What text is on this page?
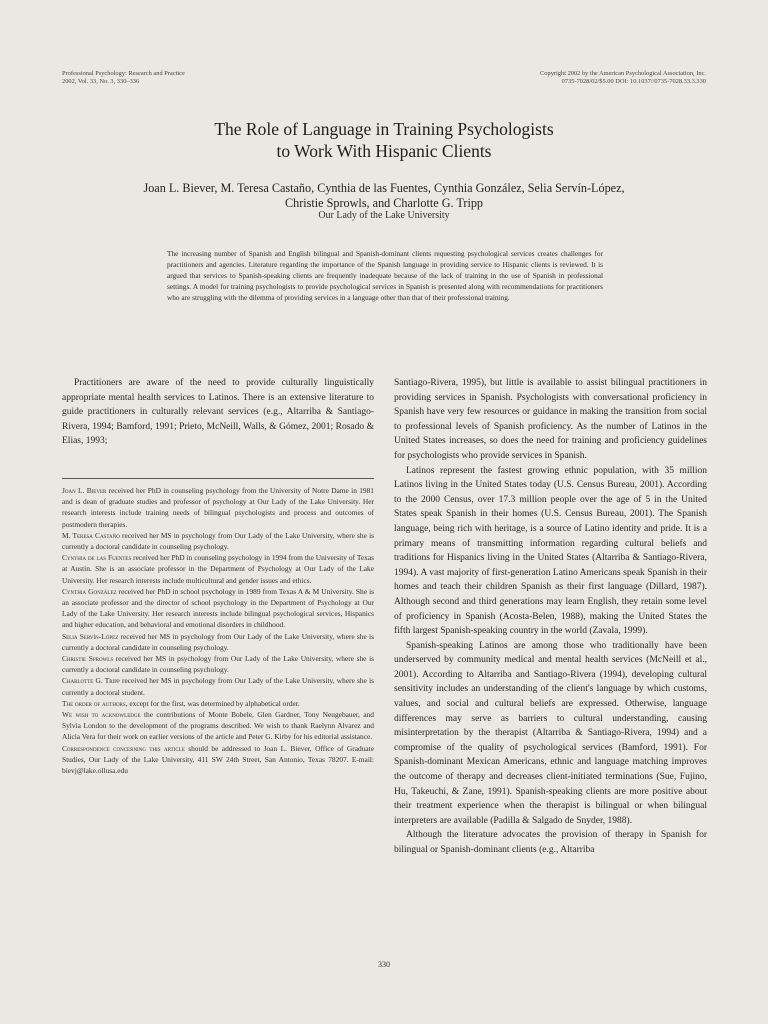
Professional Psychology: Research and Practice
2002, Vol. 33, No. 3, 330–336
Copyright 2002 by the American Psychological Association, Inc.
0735-7028/02/$5.00 DOI: 10.1037//0735-7028.33.3.330
The Role of Language in Training Psychologists
to Work With Hispanic Clients
Joan L. Biever, M. Teresa Castaño, Cynthia de las Fuentes, Cynthia González, Selia Servín-López,
Christie Sprowls, and Charlotte G. Tripp
Our Lady of the Lake University
The increasing number of Spanish and English bilingual and Spanish-dominant clients requesting psychological services creates challenges for practitioners and agencies. Literature regarding the importance of the Spanish language in providing service to Hispanic clients is reviewed. It is argued that services to Spanish-speaking clients are frequently inadequate because of the lack of training in the use of Spanish in professional settings. A model for training psychologists to provide psychological services in Spanish is presented along with recommendations for practitioners who are struggling with the dilemma of providing services in a language other than that of their professional training.

Practitioners are aware of the need to provide culturally linguistically appropriate mental health services to Latinos. There is an extensive literature to guide practitioners in culturally relevant services (e.g., Altarriba & Santiago-Rivera, 1994; Bamford, 1991; Prieto, McNeill, Walls, & Gómez, 2001; Rosado & Elias, 1993;

Joan L. Biever received her PhD in counseling psychology from the University of Notre Dame in 1981 and is dean of graduate studies and professor of psychology at Our Lady of the Lake University. Her research interests include training needs of bilingual psychologists and process and outcomes of postmodern therapies.

M. Teresa Castaño received her MS in psychology from Our Lady of the Lake University, where she is currently a doctoral candidate in counseling psychology.

Cynthia de las Fuentes received her PhD in counseling psychology in 1994 from the University of Texas at Austin. She is an associate professor in the Department of Psychology at Our Lady of the Lake University. Her research interests include multicultural and gender issues and ethics.

Cynthia González received her PhD in school psychology in 1989 from Texas A & M University. She is an associate professor and the director of school psychology in the Department of Psychology at Our Lady of the Lake University. Her research interests include bilingual psychological services, Hispanics and higher education, and behavioral and emotional disorders in childhood.

Selia Servín-López received her MS in psychology from Our Lady of the Lake University, where she is currently a doctoral candidate in counseling psychology.

Christie Sprowls received her MS in psychology from Our Lady of the Lake University, where she is currently a doctoral candidate in counseling psychology.

Charlotte G. Tripp received her MS in psychology from Our Lady of the Lake University, where she is currently a doctoral student.

The order of authors, except for the first, was determined by alphabetical order.

We wish to acknowledge the contributions of Monte Bobele, Glen Gardner, Tony Neugebauer, and Sylvia London to the development of the programs described. We wish to thank Raelynn Alvarez and Alicia Vera for their work on earlier versions of the article and Peter G. Kirby for his editorial assistance.

Correspondence concerning this article should be addressed to Joan L. Biever, Office of Graduate Studies, Our Lady of the Lake University, 411 SW 24th Street, San Antonio, Texas 78207. E-mail: bievj@lake.ollusa.edu

Santiago-Rivera, 1995), but little is available to assist bilingual practitioners in providing services in Spanish. Psychologists with conversational proficiency in Spanish have very few resources or guidance in making the transition from social to professional levels of Spanish proficiency. As the number of Latinos in the United States increases, so does the need for training and proficiency guidelines for psychologists who provide services in Spanish.

Latinos represent the fastest growing ethnic population, with 35 million Latinos living in the United States today (U.S. Census Bureau, 2001). According to the 2000 Census, over 17.3 million people over the age of 5 in the United States speak Spanish in their homes (U.S. Census Bureau, 2001). The Spanish language, being rich with heritage, is a source of Latino identity and pride. It is a primary means of transmitting information regarding cultural beliefs and traditions for Hispanics living in the United States (Altarriba & Santiago-Rivera, 1994). A vast majority of first-generation Latino Americans speak Spanish in their homes and teach their children Spanish as their first language (Dillard, 1987). Although second and third generations may learn English, they retain some level of proficiency in Spanish (Acosta-Belen, 1988), making the United States the fifth largest Spanish-speaking country in the world (Zavala, 1999).

Spanish-speaking Latinos are among those who traditionally have been underserved by community medical and mental health services (McNeill et al., 2001). According to Altarriba and Santiago-Rivera (1994), developing cultural sensitivity includes an understanding of the client's language by which customs, values, and social and cultural beliefs are expressed. Otherwise, language differences may serve as barriers to cultural understanding, causing misinterpretation by the therapist (Altarriba & Santiago-Rivera, 1994) and a compromise of the quality of psychological services (Bamford, 1991). For Spanish-dominant Mexican Americans, ethnic and language matching improves the outcome of therapy and decreases client-initiated terminations (Sue, Fujino, Hu, Takeuchi, & Zane, 1991). Spanish-speaking clients are more positive about their treatment experience when the therapist is bilingual or when bilingual interpreters are available (Padilla & Salgado de Snyder, 1988).

Although the literature advocates the provision of therapy in Spanish for bilingual or Spanish-dominant clients (e.g., Altarriba

330
